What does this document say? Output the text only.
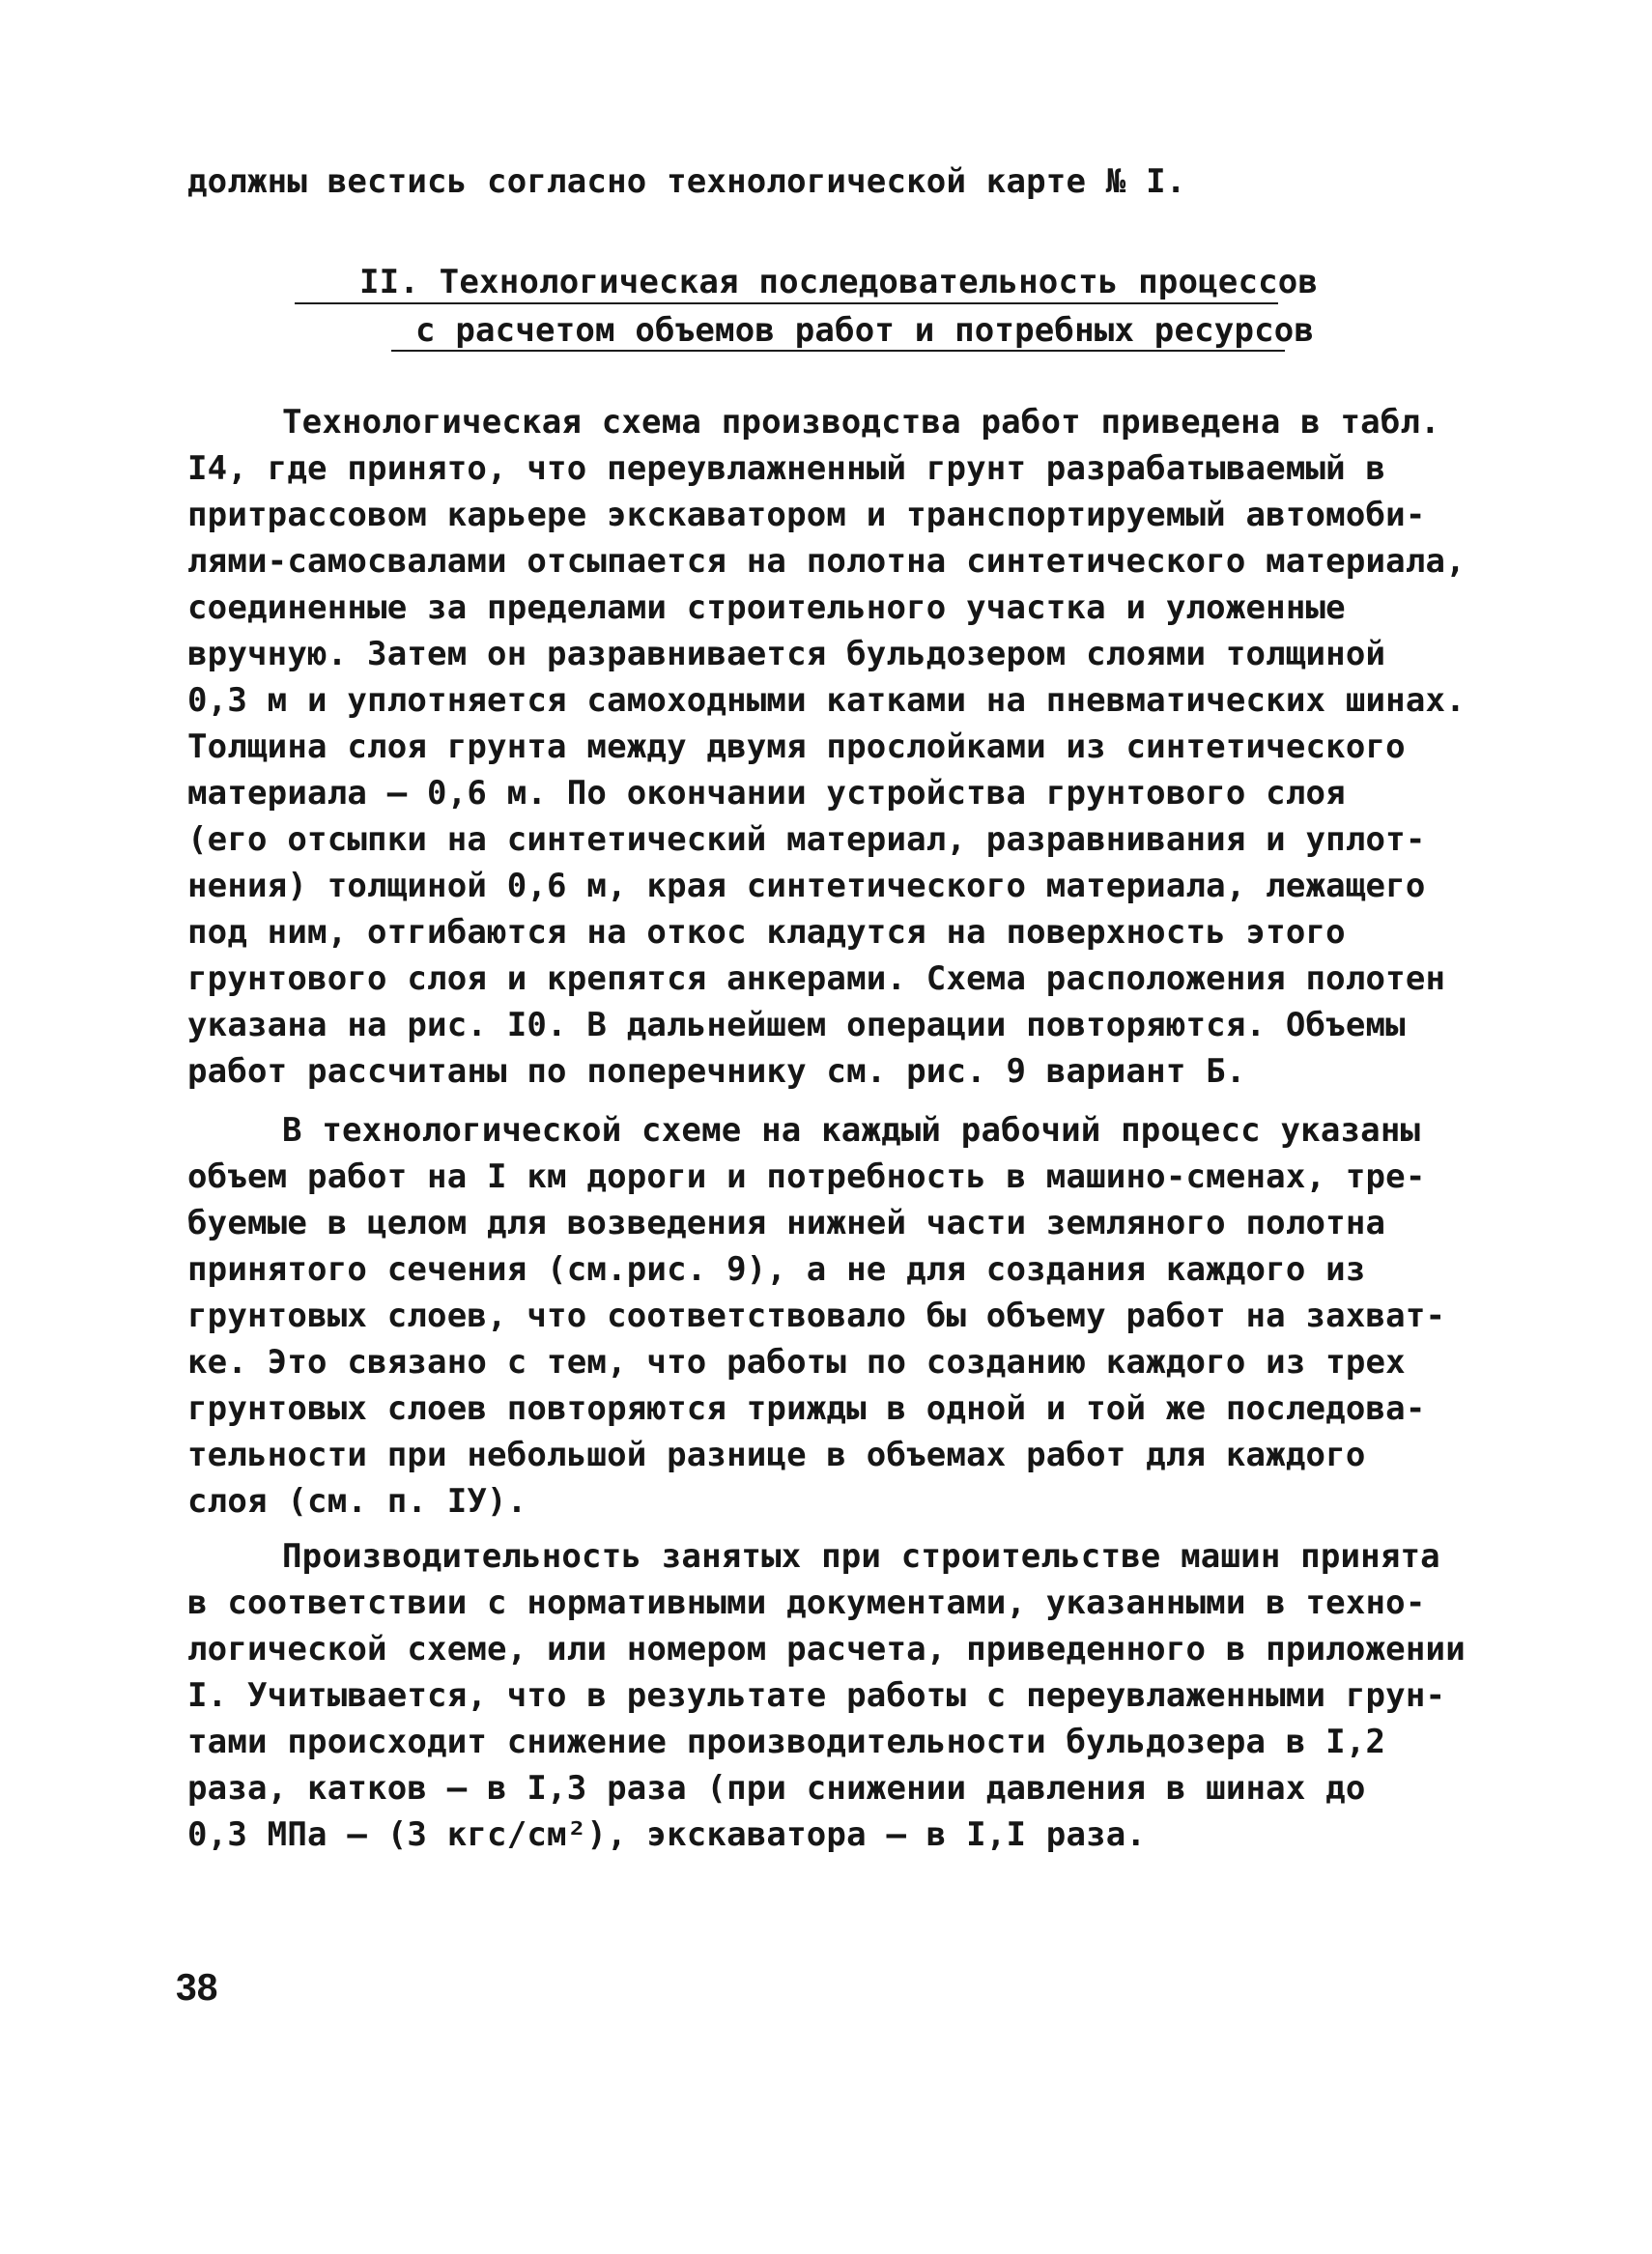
должны вестись согласно технологической карте № I.
II. Технологическая последовательность процессов
с расчетом объемов работ и потребных ресурсов
Технологическая схема производства работ приведена в табл.
I4, где принято, что переувлажненный грунт разрабатываемый в
притрассовом карьере экскаватором и транспортируемый автомоби-
лями-самосвалами отсыпается на полотна синтетического материала,
соединенные за пределами строительного участка и уложенные
вручную. Затем он разравнивается бульдозером слоями толщиной
0,3 м и уплотняется самоходными катками на пневматических шинах.
Толщина слоя грунта между двумя прослойками из синтетического
материала – 0,6 м. По окончании устройства грунтового слоя
(его отсыпки на синтетический материал, разравнивания и уплот-
нения) толщиной 0,6 м, края синтетического материала, лежащего
под ним, отгибаются на откос кладутся на поверхность этого
грунтового слоя и крепятся анкерами. Схема расположения полотен
указана на рис. I0. В дальнейшем операции повторяются. Объемы
работ рассчитаны по поперечнику см. рис. 9 вариант Б.
В технологической схеме на каждый рабочий процесс указаны
объем работ на I км дороги и потребность в машино-сменах, тре-
буемые в целом для возведения нижней части земляного полотна
принятого сечения (см.рис. 9), а не для создания каждого из
грунтовых слоев, что соответствовало бы объему работ на захват-
ке. Это связано с тем, что работы по созданию каждого из трех
грунтовых слоев повторяются трижды в одной и той же последова-
тельности при небольшой разнице в объемах работ для каждого
слоя (см. п. IУ).
Производительность занятых при строительстве машин принята
в соответствии с нормативными документами, указанными в техно-
логической схеме, или номером расчета, приведенного в приложении
I. Учитывается, что в результате работы с переувлаженными грун-
тами происходит снижение производительности бульдозера в I,2
раза, катков – в I,3 раза (при снижении давления в шинах до
0,3 МПа – (3 кгс/см²), экскаватора – в I,I раза.
38
